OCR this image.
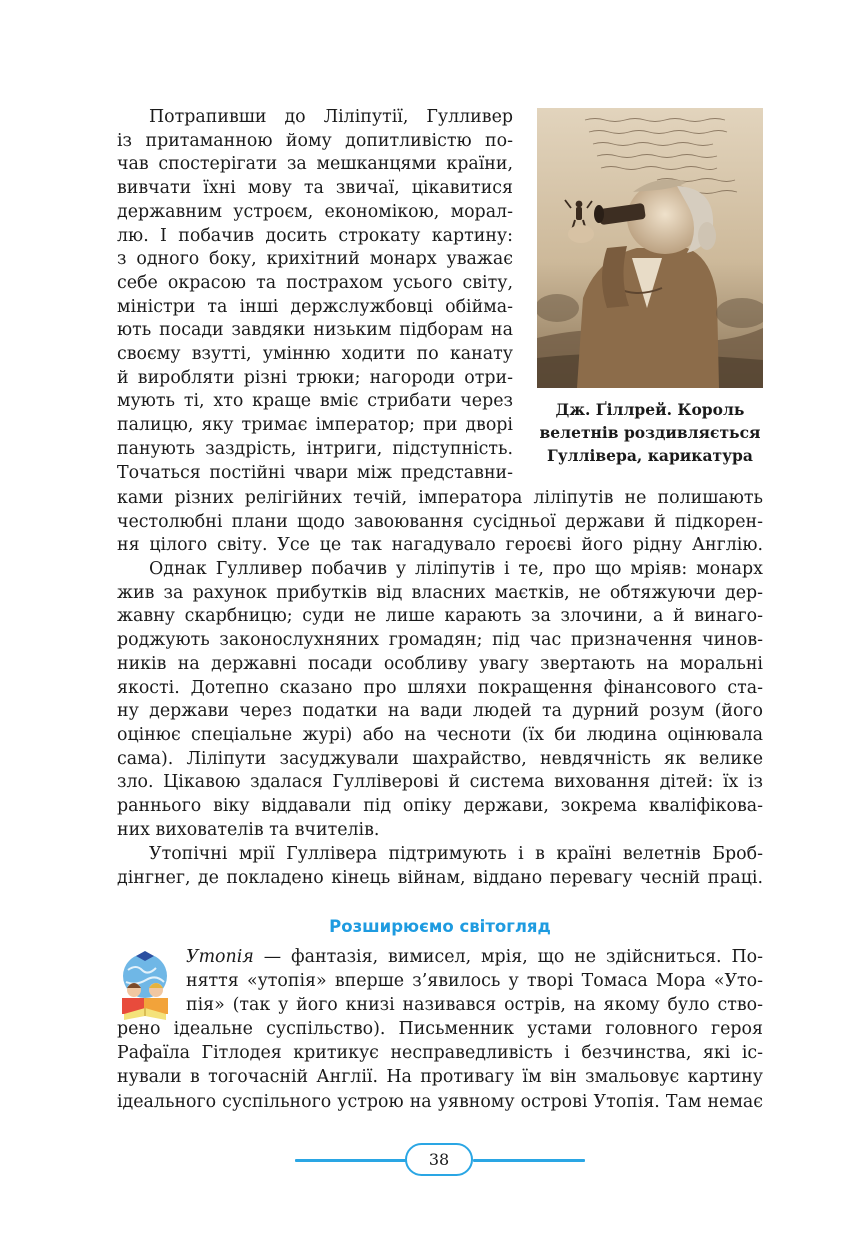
Потрапивши до Ліліпутії, Гулливер
із притаманною йому допитливістю по-
чав спостерігати за мешканцями країни,
вивчати їхні мову та звичаї, цікавитися
державним устроєм, економікою, морал-
лю. І побачив досить строкату картину:
з одного боку, крихітний монарх уважає
себе окрасою та пострахом усього світу,
міністри та інші держслужбовці обійма-
ють посади завдяки низьким підборам на
своєму взутті, умінню ходити по канату
й виробляти різні трюки; нагороди отри-
мують ті, хто краще вміє стрибати через
палицю, яку тримає імператор; при дворі
панують заздрість, інтриги, підступність.
Точаться постійні чвари між представни-
Дж. Ґіллрей. Король
велетнів роздивляється
Гуллівера, карикатура
ками різних релігійних течій, імператора ліліпутів не полишають
честолюбні плани щодо завоювання сусідньої держави й підкорен-
ня цілого світу. Усе це так нагадувало героєві його рідну Англію.
Однак Гулливер побачив у ліліпутів і те, про що мріяв: монарх
жив за рахунок прибутків від власних маєтків, не обтяжуючи дер-
жавну скарбницю; суди не лише карають за злочини, а й винаго-
роджують законослухняних громадян; під час призначення чинов-
ників на державні посади особливу увагу звертають на моральні
якості. Дотепно сказано про шляхи покращення фінансового ста-
ну держави через податки на вади людей та дурний розум (його
оцінює спеціальне журі) або на чесноти (їх би людина оцінювала
сама). Ліліпути засуджували шахрайство, невдячність як велике
зло. Цікавою здалася Гулліверові й система виховання дітей: їх із
раннього віку віддавали під опіку держави, зокрема кваліфікова-
них вихователів та вчителів.
Утопічні мрії Гулліверa підтримують і в країні велетнів Броб-
дінгнег, де покладено кінець війнам, віддано перевагу чесній праці.
Розширюємо світогляд
Утопія — фантазія, вимисел, мрія, що не здійсниться. По-
няття «утопія» вперше з’явилось у творі Томаса Мора «Уто-
пія» (так у його книзі називався острів, на якому було ство-
рено ідеальне суспільство). Письменник устами головного героя
Рафаїла Гітлодея критикує несправедливість і безчинства, які іс-
нували в тогочасній Англії. На противагу їм він змальовує картину
ідеального суспільного устрою на уявному острові Утопія. Там немає
38
